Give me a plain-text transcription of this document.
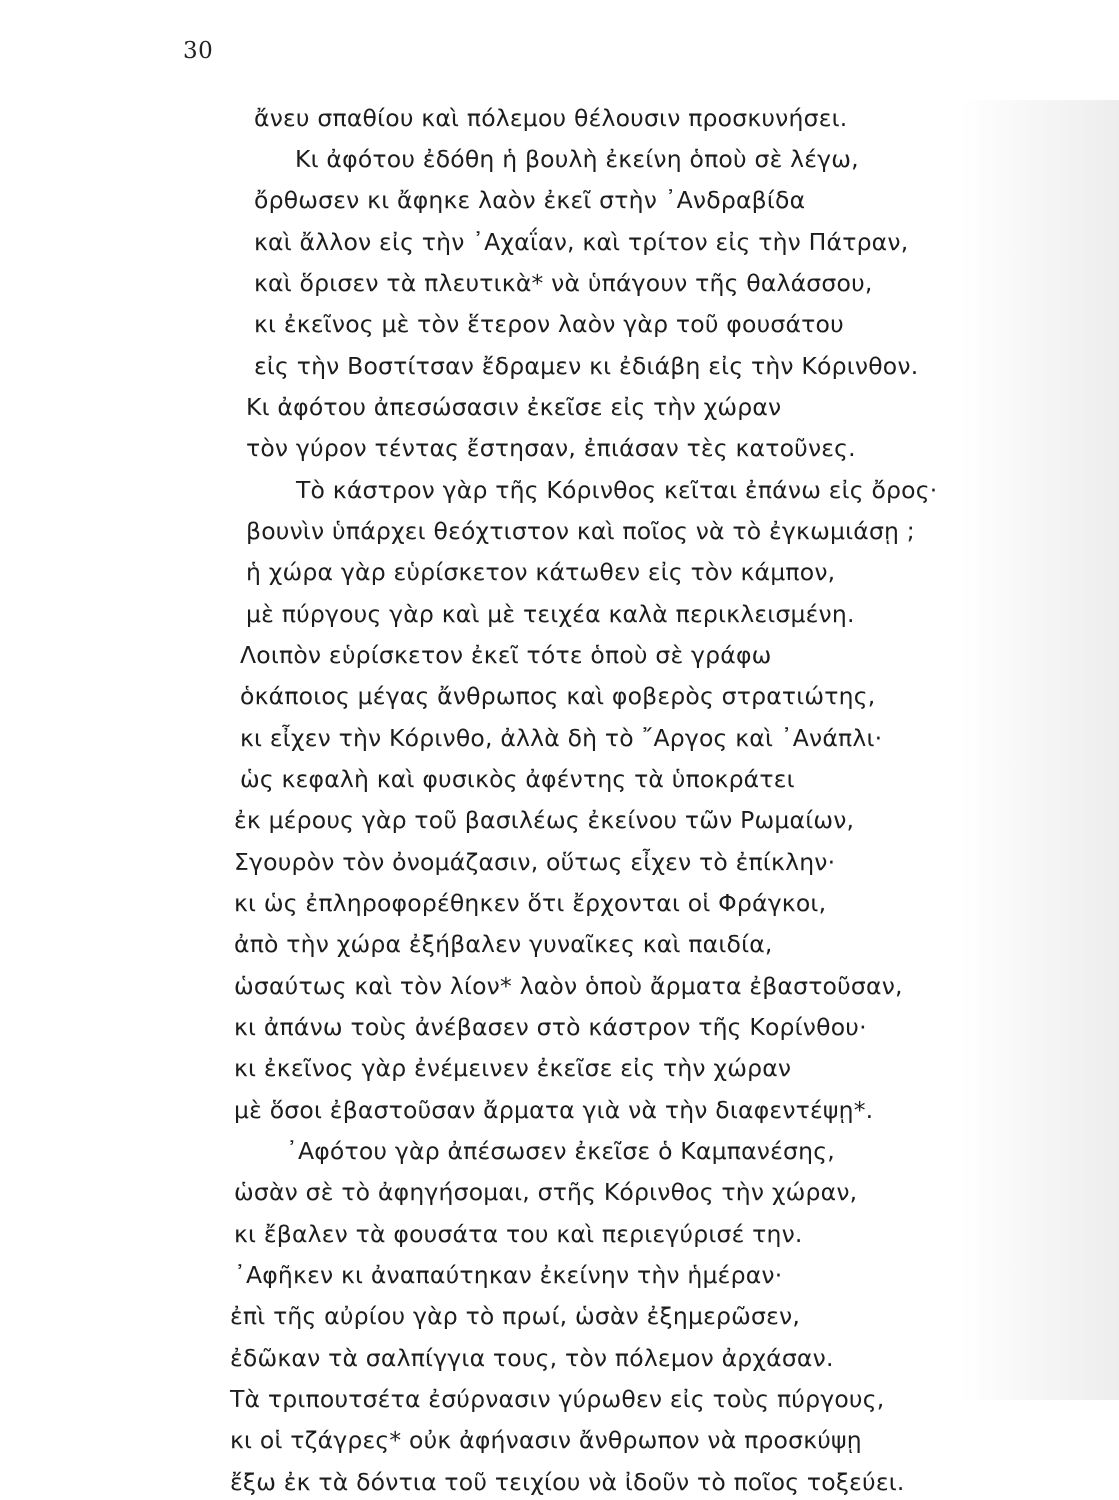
30
ἄνευ σπαθίου καὶ πόλεμου θέλουσιν προσκυνήσει.
Κι ἀφότου ἐδόθη ἡ βουλὴ ἐκείνη ὁποὺ σὲ λέγω,
ὄρθωσεν κι ἄφηκε λαὸν ἐκεῖ στὴν ᾿Ανδραβίδα
καὶ ἄλλον εἰς τὴν ᾿Αχαΐαν, καὶ τρίτον εἰς τὴν Πάτραν,
καὶ ὅρισεν τὰ πλευτικὰ* νὰ ὑπάγουν τῆς θαλάσσου,
κι ἐκεῖνος μὲ τὸν ἕτερον λαὸν γὰρ τοῦ φουσάτου
εἰς τὴν Βοστίτσαν ἔδραμεν κι ἐδιάβη εἰς τὴν Κόρινθον.
Κι ἀφότου ἀπεσώσασιν ἐκεῖσε εἰς τὴν χώραν
τὸν γύρον τέντας ἔστησαν, ἐπιάσαν τὲς κατοῦνες.
Τὸ κάστρον γὰρ τῆς Κόρινθος κεῖται ἐπάνω εἰς ὄρος·
βουνὶν ὑπάρχει θεόχτιστον καὶ ποῖος νὰ τὸ ἐγκωμιάσῃ ;
ἡ χώρα γὰρ εὑρίσκετον κάτωθεν εἰς τὸν κάμπον,
μὲ πύργους γὰρ καὶ μὲ τειχέα καλὰ περικλεισμένη.
Λοιπὸν εὑρίσκετον ἐκεῖ τότε ὁποὺ σὲ γράφω
ὁκάποιος μέγας ἄνθρωπος καὶ φοβερὸς στρατιώτης,
κι εἶχεν τὴν Κόρινθο, ἀλλὰ δὴ τὸ ῎Αργος καὶ ᾿Ανάπλι·
ὡς κεφαλὴ καὶ φυσικὸς ἀφέντης τὰ ὑποκράτει
ἐκ μέρους γὰρ τοῦ βασιλέως ἐκείνου τῶν Ρωμαίων,
Σγουρὸν τὸν ὀνομάζασιν, οὕτως εἶχεν τὸ ἐπίκλην·
κι ὡς ἐπληροφορέθηκεν ὅτι ἔρχονται οἱ Φράγκοι,
ἀπὸ τὴν χώρα ἐξήβαλεν γυναῖκες καὶ παιδία,
ὡσαύτως καὶ τὸν λίον* λαὸν ὁποὺ ἄρματα ἐβαστοῦσαν,
κι ἀπάνω τοὺς ἀνέβασεν στὸ κάστρον τῆς Κορίνθου·
κι ἐκεῖνος γὰρ ἐνέμεινεν ἐκεῖσε εἰς τὴν χώραν
μὲ ὅσοι ἐβαστοῦσαν ἄρματα γιὰ νὰ τὴν διαφεντέψῃ*.
᾿Αφότου γὰρ ἀπέσωσεν ἐκεῖσε ὁ Καμπανέσης,
ὡσὰν σὲ τὸ ἀφηγήσομαι, στῆς Κόρινθος τὴν χώραν,
κι ἔβαλεν τὰ φουσάτα του καὶ περιεγύρισέ την.
᾿Αφῆκεν κι ἀναπαύτηκαν ἐκείνην τὴν ἡμέραν·
ἐπὶ τῆς αὐρίου γὰρ τὸ πρωί, ὡσὰν ἐξημερῶσεν,
ἐδῶκαν τὰ σαλπίγγια τους, τὸν πόλεμον ἀρχάσαν.
Τὰ τριπουτσέτα ἐσύρνασιν γύρωθεν εἰς τοὺς πύργους,
κι οἱ τζάγρες* οὐκ ἀφήνασιν ἄνθρωπον νὰ προσκύψῃ
ἔξω ἐκ τὰ δόντια τοῦ τειχίου νὰ ἰδοῦν τὸ ποῖος τοξεύει.
